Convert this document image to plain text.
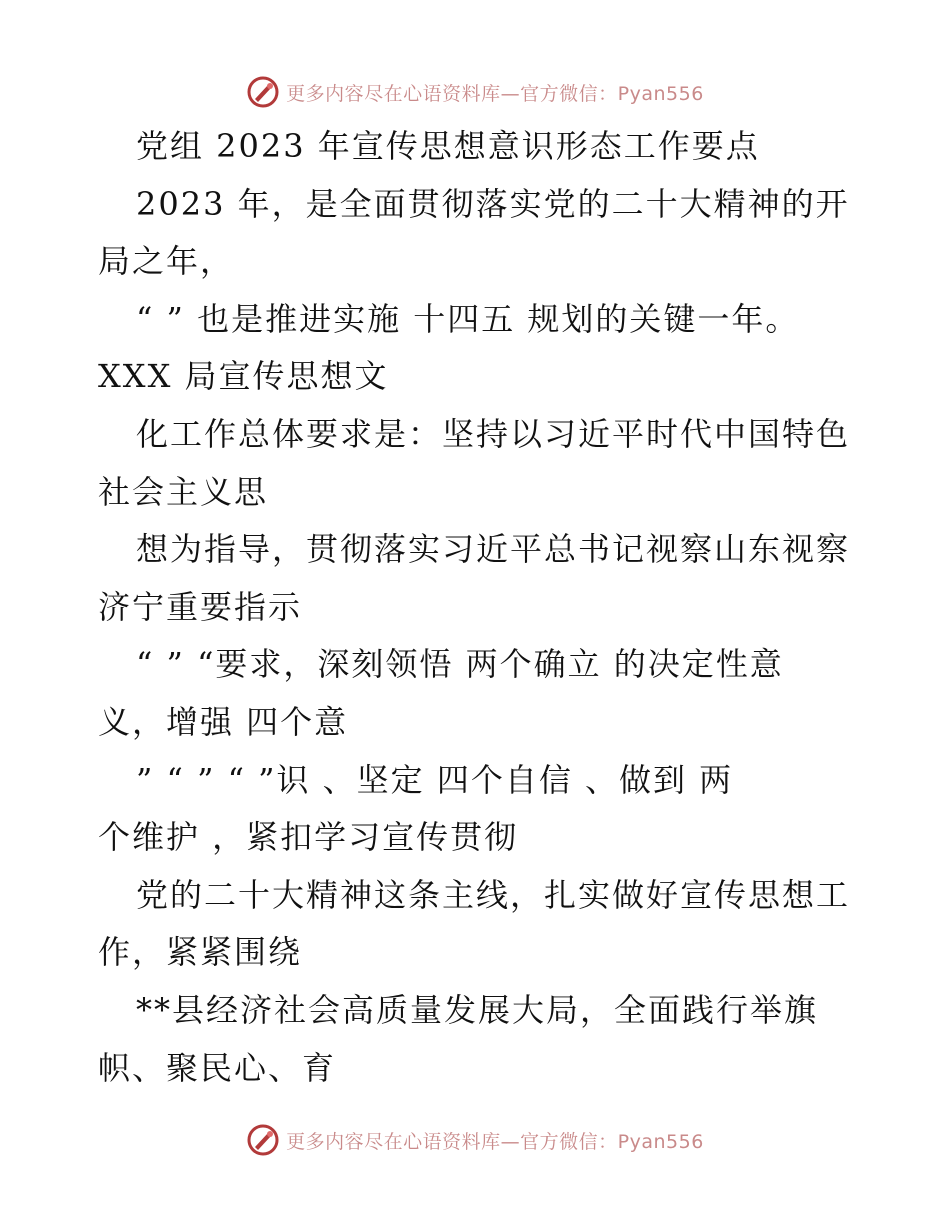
更多内容尽在心语资料库—官方微信：Pyan556
党组 2023 年宣传思想意识形态工作要点
2023 年，是全面贯彻落实党的二十大精神的开
局之年，
“ ” 也是推进实施 十四五 规划的关键一年。
XXX 局宣传思想文
化工作总体要求是：坚持以习近平时代中国特色
社会主义思
想为指导，贯彻落实习近平总书记视察山东视察
济宁重要指示
“ ” “要求，深刻领悟 两个确立 的决定性意
义，增强 四个意
” “ ” “ ”识 、坚定 四个自信 、做到 两
个维护 ，紧扣学习宣传贯彻
党的二十大精神这条主线，扎实做好宣传思想工
作，紧紧围绕
**县经济社会高质量发展大局，全面践行举旗
帜、聚民心、育
更多内容尽在心语资料库—官方微信：Pyan556
